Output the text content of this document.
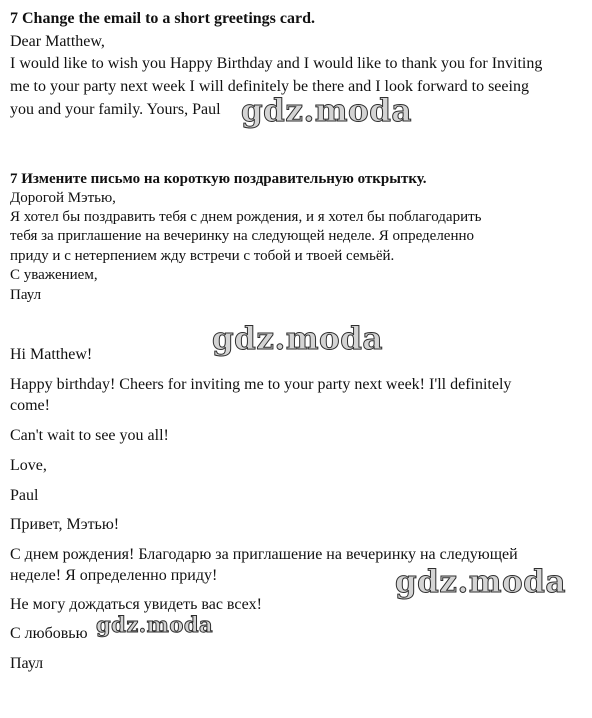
7 Change the email to a short greetings card.
Dear Matthew,
I would like to wish you Happy Birthday and I would like to thank you for Inviting
me to your party next week I will definitely be there and I look forward to seeing
you and your family. Yours, Paul
7 Измените письмо на короткую поздравительную открытку.
Дорогой Мэтью,
Я хотел бы поздравить тебя с днем рождения, и я хотел бы поблагодарить
тебя за приглашение на вечеринку на следующей неделе. Я определенно
приду и с нетерпением жду встречи с тобой и твоей семьёй.
С уважением,
Паул
Hi Matthew!
Happy birthday! Cheers for inviting me to your party next week! I'll definitely
come!
Can't wait to see you all!
Love,
Paul
Привет, Мэтью!
С днем рождения! Благодарю за приглашение на вечеринку на следующей
неделе! Я определенно приду!
Не могу дождаться увидеть вас всех!
С любовью
Паул
gdz.moda
gdz.moda
gdz.moda
gdz.moda
